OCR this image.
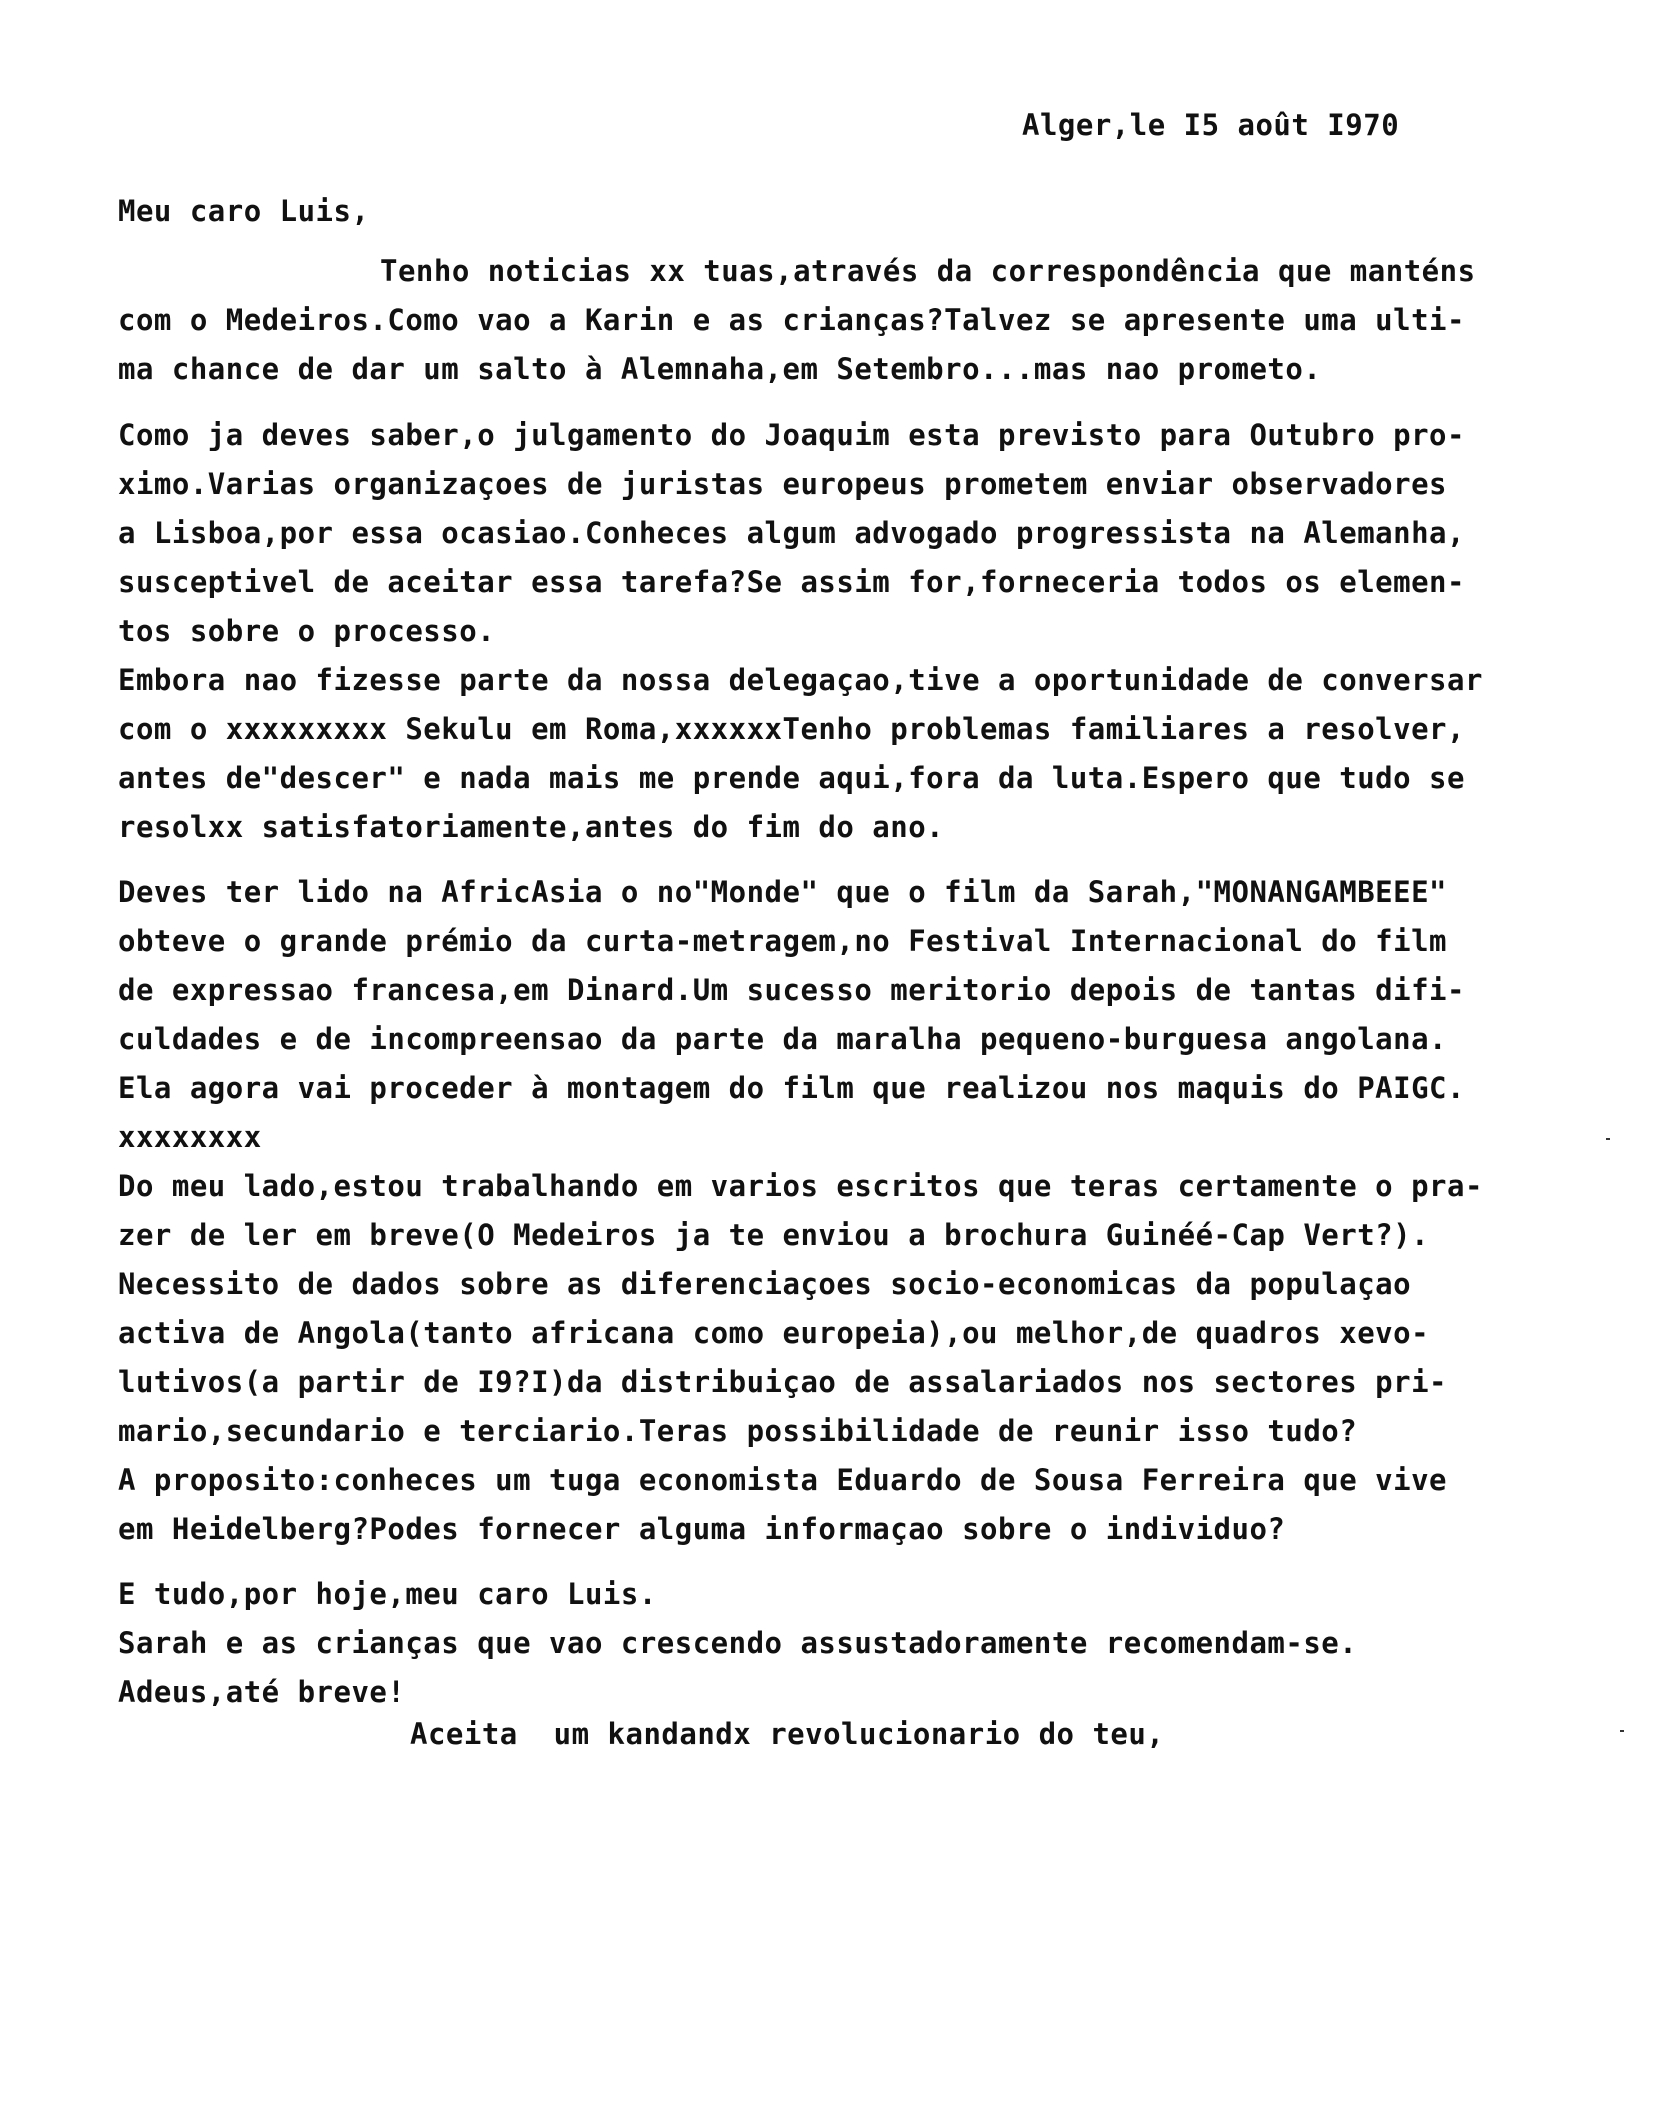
Alger,le I5 août I970
Meu caro Luis,
Tenho noticias xx tuas,através da correspondência que manténs
com o Medeiros.Como vao a Karin e as crianças?Talvez se apresente uma ulti-
ma chance de dar um salto à Alemnaha,em Setembro...mas nao prometo.
Como ja deves saber,o julgamento do Joaquim esta previsto para Outubro pro-
ximo.Varias organizaçoes de juristas europeus prometem enviar observadores
a Lisboa,por essa ocasiao.Conheces algum advogado progressista na Alemanha,
susceptivel de aceitar essa tarefa?Se assim for,forneceria todos os elemen-
tos sobre o processo.
Embora nao fizesse parte da nossa delegaçao,tive a oportunidade de conversar
com o xxxxxxxxx Sekulu em Roma,xxxxxxTenho problemas familiares a resolver,
antes de"descer" e nada mais me prende aqui,fora da luta.Espero que tudo se
resolxx satisfatoriamente,antes do fim do ano.
Deves ter lido na AfricAsia o no"Monde" que o film da Sarah,"MONANGAMBEEE"
obteve o grande prémio da curta-metragem,no Festival Internacional do film
de expressao francesa,em Dinard.Um sucesso meritorio depois de tantas difi-
culdades e de incompreensao da parte da maralha pequeno-burguesa angolana.
Ela agora vai proceder à montagem do film que realizou nos maquis do PAIGC.
xxxxxxxx
Do meu lado,estou trabalhando em varios escritos que teras certamente o pra-
zer de ler em breve(O Medeiros ja te enviou a brochura Guinéé-Cap Vert?).
Necessito de dados sobre as diferenciaçoes socio-economicas da populaçao
activa de Angola(tanto africana como europeia),ou melhor,de quadros xevo-
lutivos(a partir de I9?I)da distribuiçao de assalariados nos sectores pri-
mario,secundario e terciario.Teras possibilidade de reunir isso tudo?
A proposito:conheces um tuga economista Eduardo de Sousa Ferreira que vive
em Heidelberg?Podes fornecer alguma informaçao sobre o individuo?
E tudo,por hoje,meu caro Luis.
Sarah e as crianças que vao crescendo assustadoramente recomendam-se.
Adeus,até breve!
Aceita  um kandandx revolucionario do teu,
